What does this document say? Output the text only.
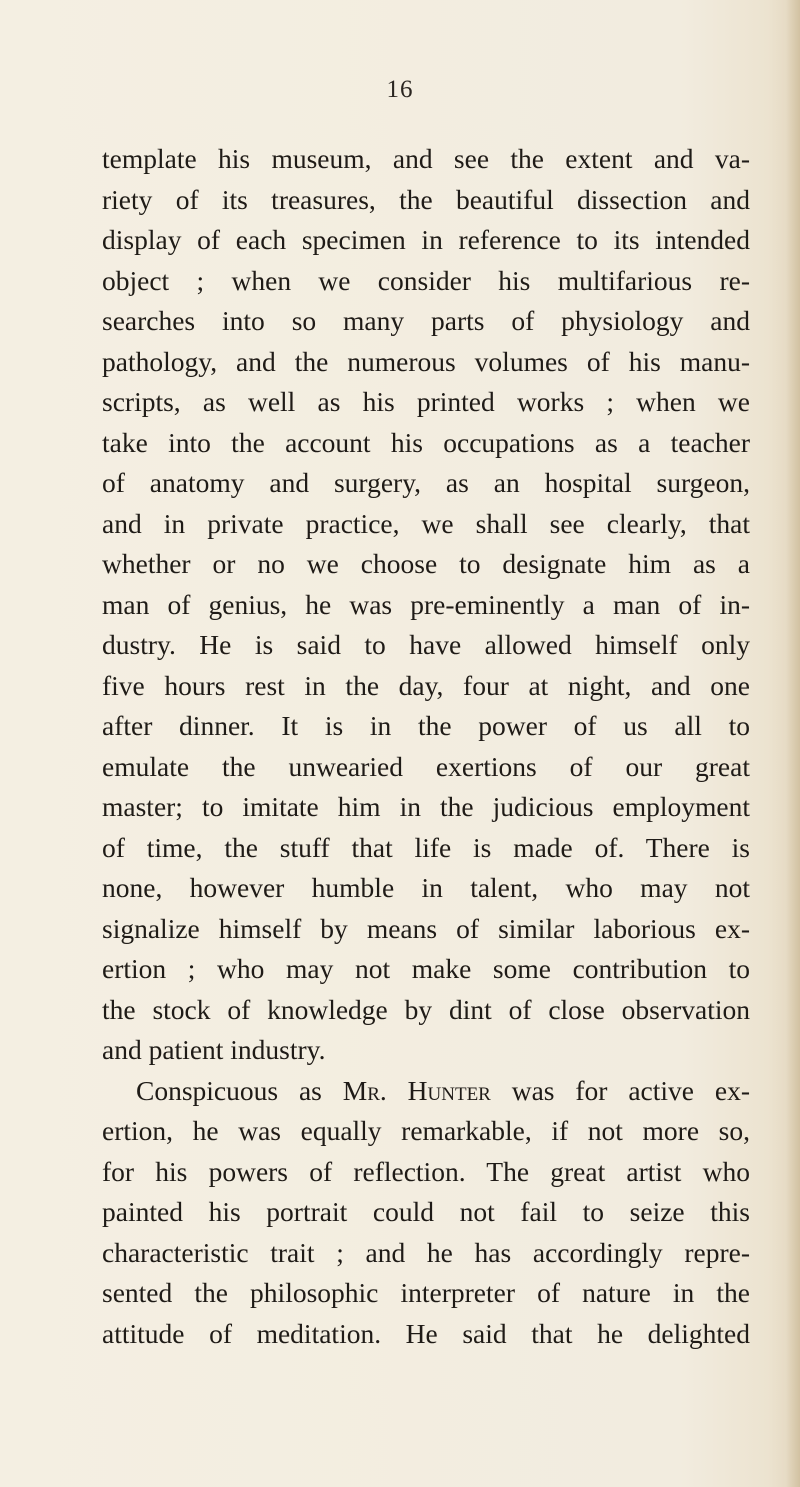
16
template his museum, and see the extent and va-
riety of its treasures, the beautiful dissection and
display of each specimen in reference to its intended
object ; when we consider his multifarious re-
searches into so many parts of physiology and
pathology, and the numerous volumes of his manu-
scripts, as well as his printed works ; when we
take into the account his occupations as a teacher
of anatomy and surgery, as an hospital surgeon,
and in private practice, we shall see clearly, that
whether or no we choose to designate him as a
man of genius, he was pre-eminently a man of in-
dustry. He is said to have allowed himself only
five hours rest in the day, four at night, and one
after dinner. It is in the power of us all to
emulate the unwearied exertions of our great
master; to imitate him in the judicious employment
of time, the stuff that life is made of. There is
none, however humble in talent, who may not
signalize himself by means of similar laborious ex-
ertion ; who may not make some contribution to
the stock of knowledge by dint of close observation
and patient industry.
Conspicuous as Mr. Hunter was for active ex-
ertion, he was equally remarkable, if not more so,
for his powers of reflection. The great artist who
painted his portrait could not fail to seize this
characteristic trait ; and he has accordingly repre-
sented the philosophic interpreter of nature in the
attitude of meditation. He said that he delighted
